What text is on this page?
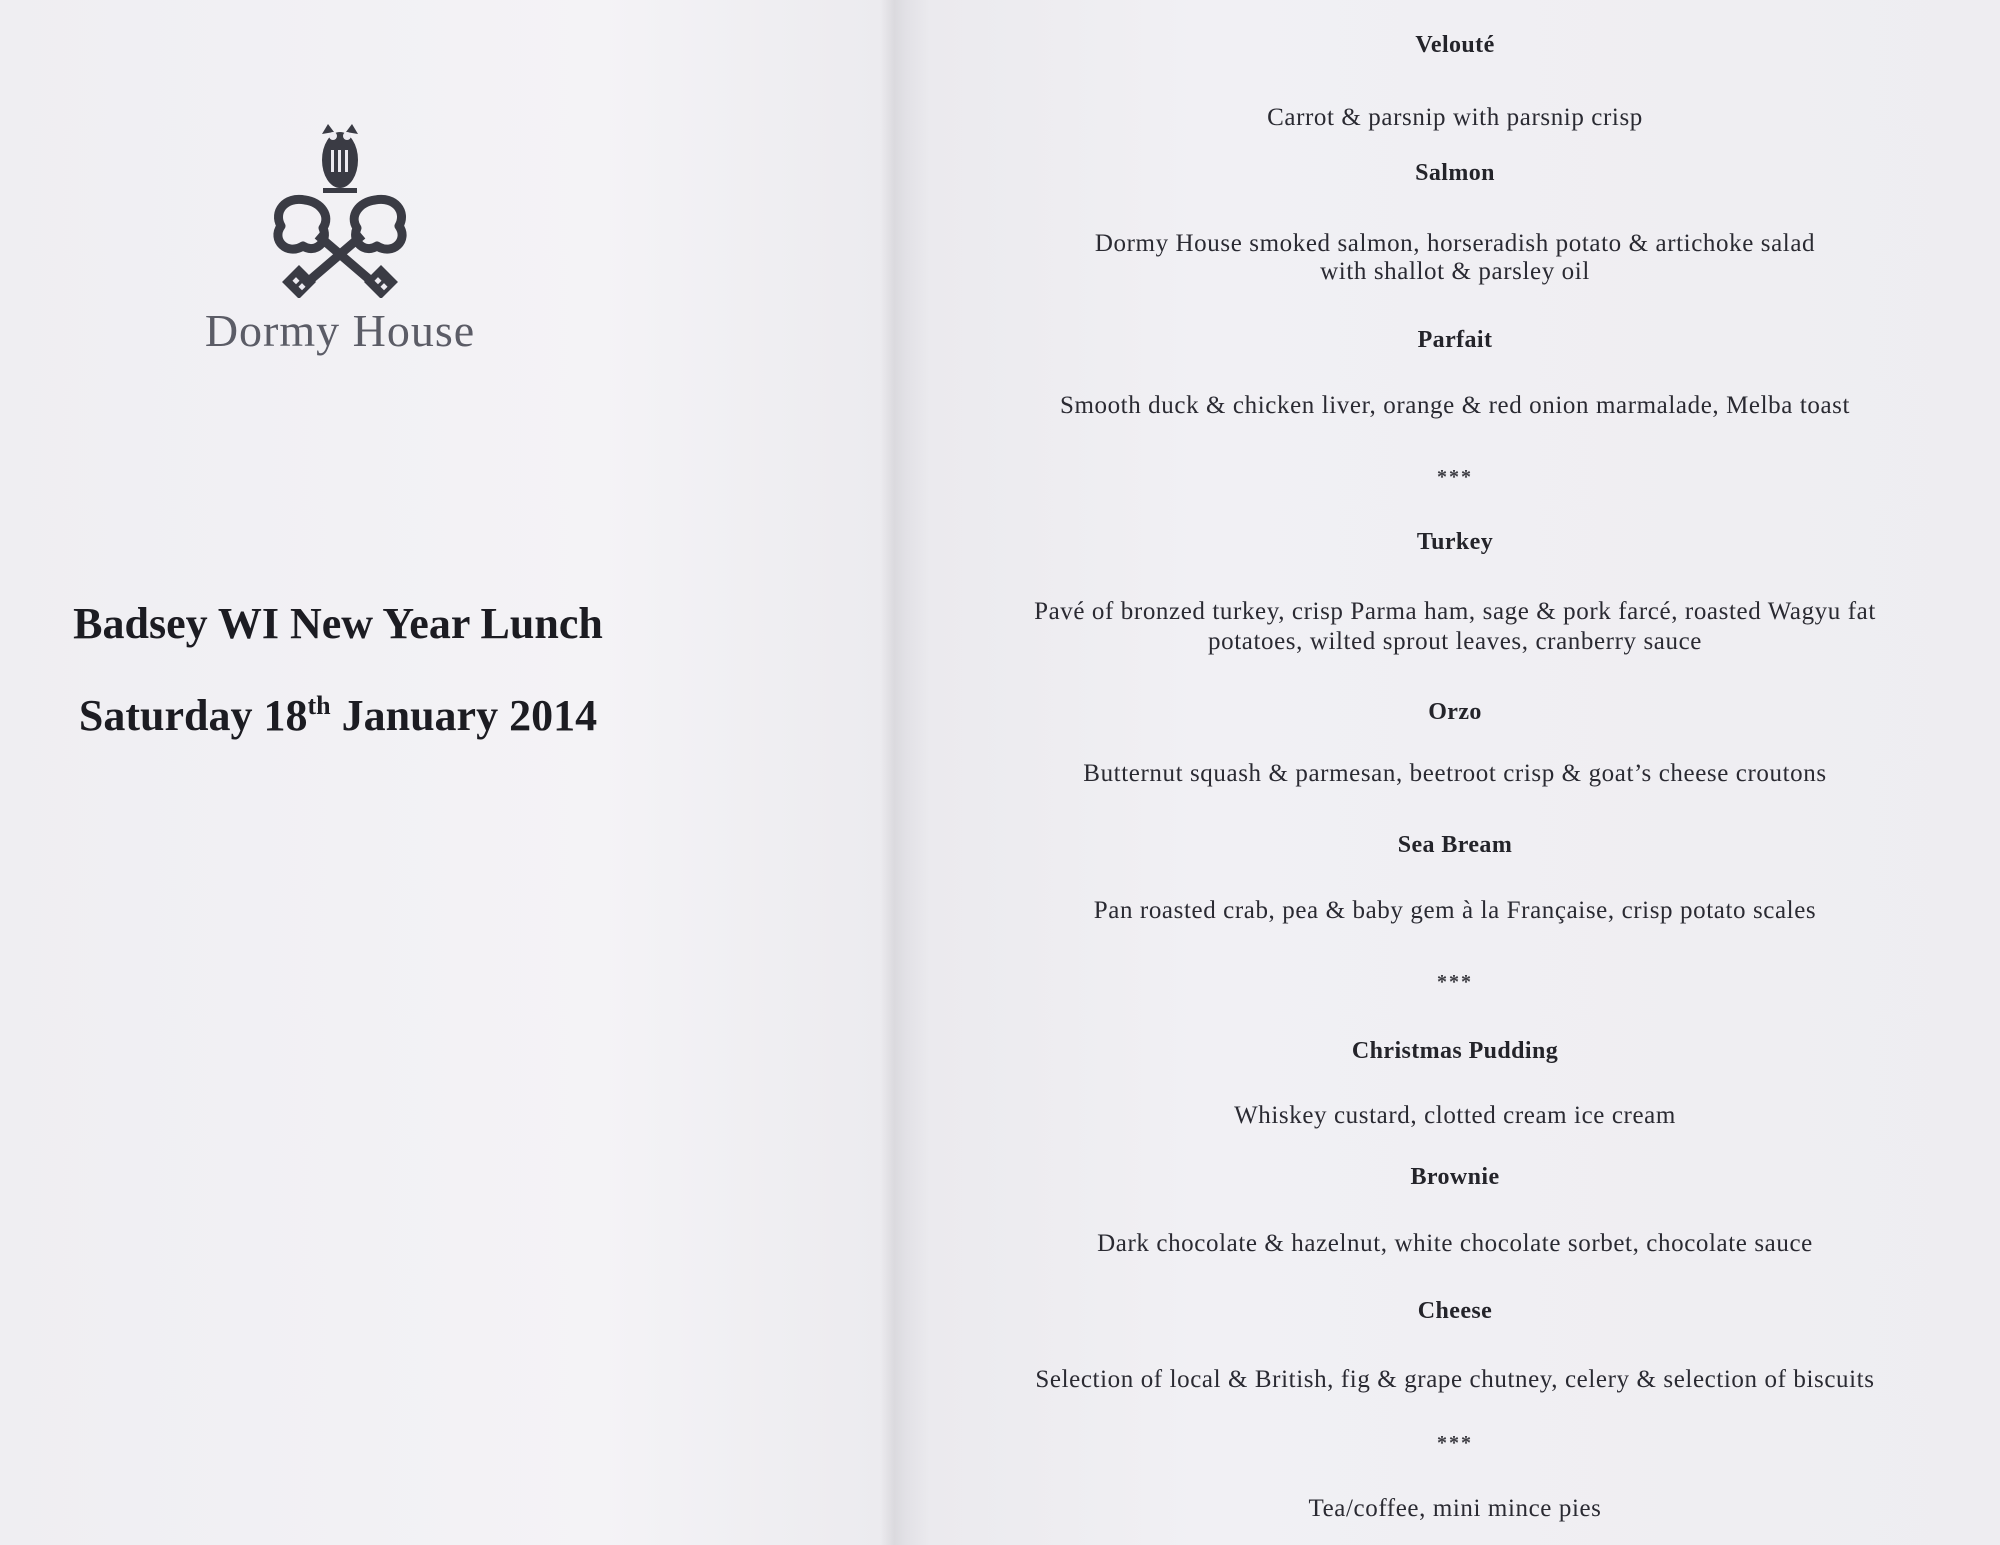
Dormy House
Badsey WI New Year Lunch
Saturday 18th January 2014
Velouté
Carrot & parsnip with parsnip crisp
Salmon
Dormy House smoked salmon, horseradish potato & artichoke salad
with shallot & parsley oil
Parfait
Smooth duck & chicken liver, orange & red onion marmalade, Melba toast
***
Turkey
Pavé of bronzed turkey, crisp Parma ham, sage & pork farcé, roasted Wagyu fat
potatoes, wilted sprout leaves, cranberry sauce
Orzo
Butternut squash & parmesan, beetroot crisp & goat’s cheese croutons
Sea Bream
Pan roasted crab, pea & baby gem à la Française, crisp potato scales
***
Christmas Pudding
Whiskey custard, clotted cream ice cream
Brownie
Dark chocolate & hazelnut, white chocolate sorbet, chocolate sauce
Cheese
Selection of local & British, fig & grape chutney, celery & selection of biscuits
***
Tea/coffee, mini mince pies
